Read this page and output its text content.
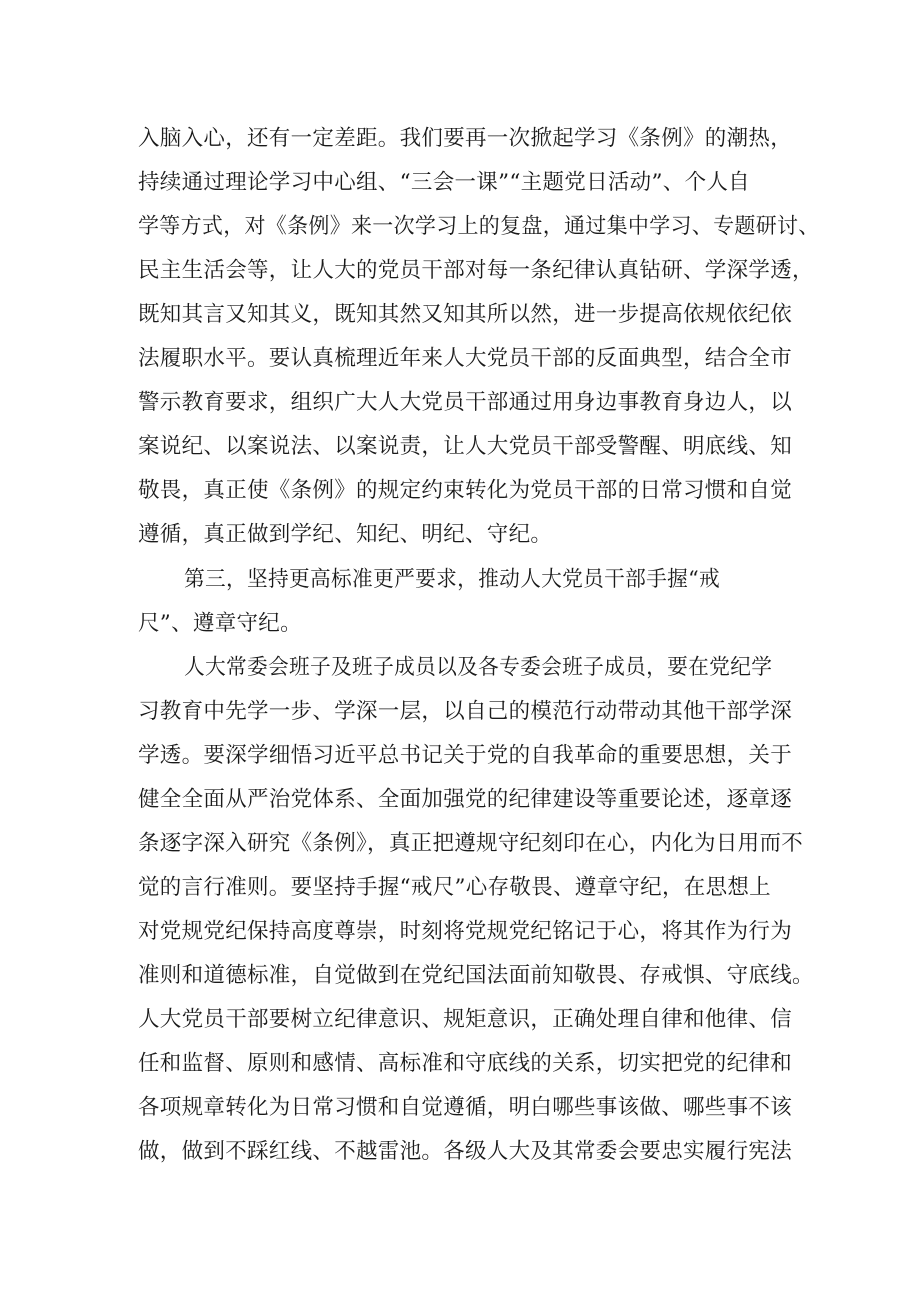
入脑入心，还有一定差距。我们要再一次掀起学习《条例》的潮热，
持续通过理论学习中心组、“三会一课”“主题党日活动”、个人自
学等方式，对《条例》来一次学习上的复盘，通过集中学习、专题研讨、
民主生活会等，让人大的党员干部对每一条纪律认真钻研、学深学透，
既知其言又知其义，既知其然又知其所以然，进一步提高依规依纪依
法履职水平。要认真梳理近年来人大党员干部的反面典型，结合全市
警示教育要求，组织广大人大党员干部通过用身边事教育身边人，以
案说纪、以案说法、以案说责，让人大党员干部受警醒、明底线、知
敬畏，真正使《条例》的规定约束转化为党员干部的日常习惯和自觉
遵循，真正做到学纪、知纪、明纪、守纪。
第三，坚持更高标准更严要求，推动人大党员干部手握“戒
尺”、遵章守纪。
人大常委会班子及班子成员以及各专委会班子成员，要在党纪学
习教育中先学一步、学深一层，以自己的模范行动带动其他干部学深
学透。要深学细悟习近平总书记关于党的自我革命的重要思想，关于
健全全面从严治党体系、全面加强党的纪律建设等重要论述，逐章逐
条逐字深入研究《条例》，真正把遵规守纪刻印在心，内化为日用而不
觉的言行准则。要坚持手握“戒尺”心存敬畏、遵章守纪，在思想上
对党规党纪保持高度尊崇，时刻将党规党纪铭记于心，将其作为行为
准则和道德标准，自觉做到在党纪国法面前知敬畏、存戒惧、守底线。
人大党员干部要树立纪律意识、规矩意识，正确处理自律和他律、信
任和监督、原则和感情、高标准和守底线的关系，切实把党的纪律和
各项规章转化为日常习惯和自觉遵循，明白哪些事该做、哪些事不该
做，做到不踩红线、不越雷池。各级人大及其常委会要忠实履行宪法
